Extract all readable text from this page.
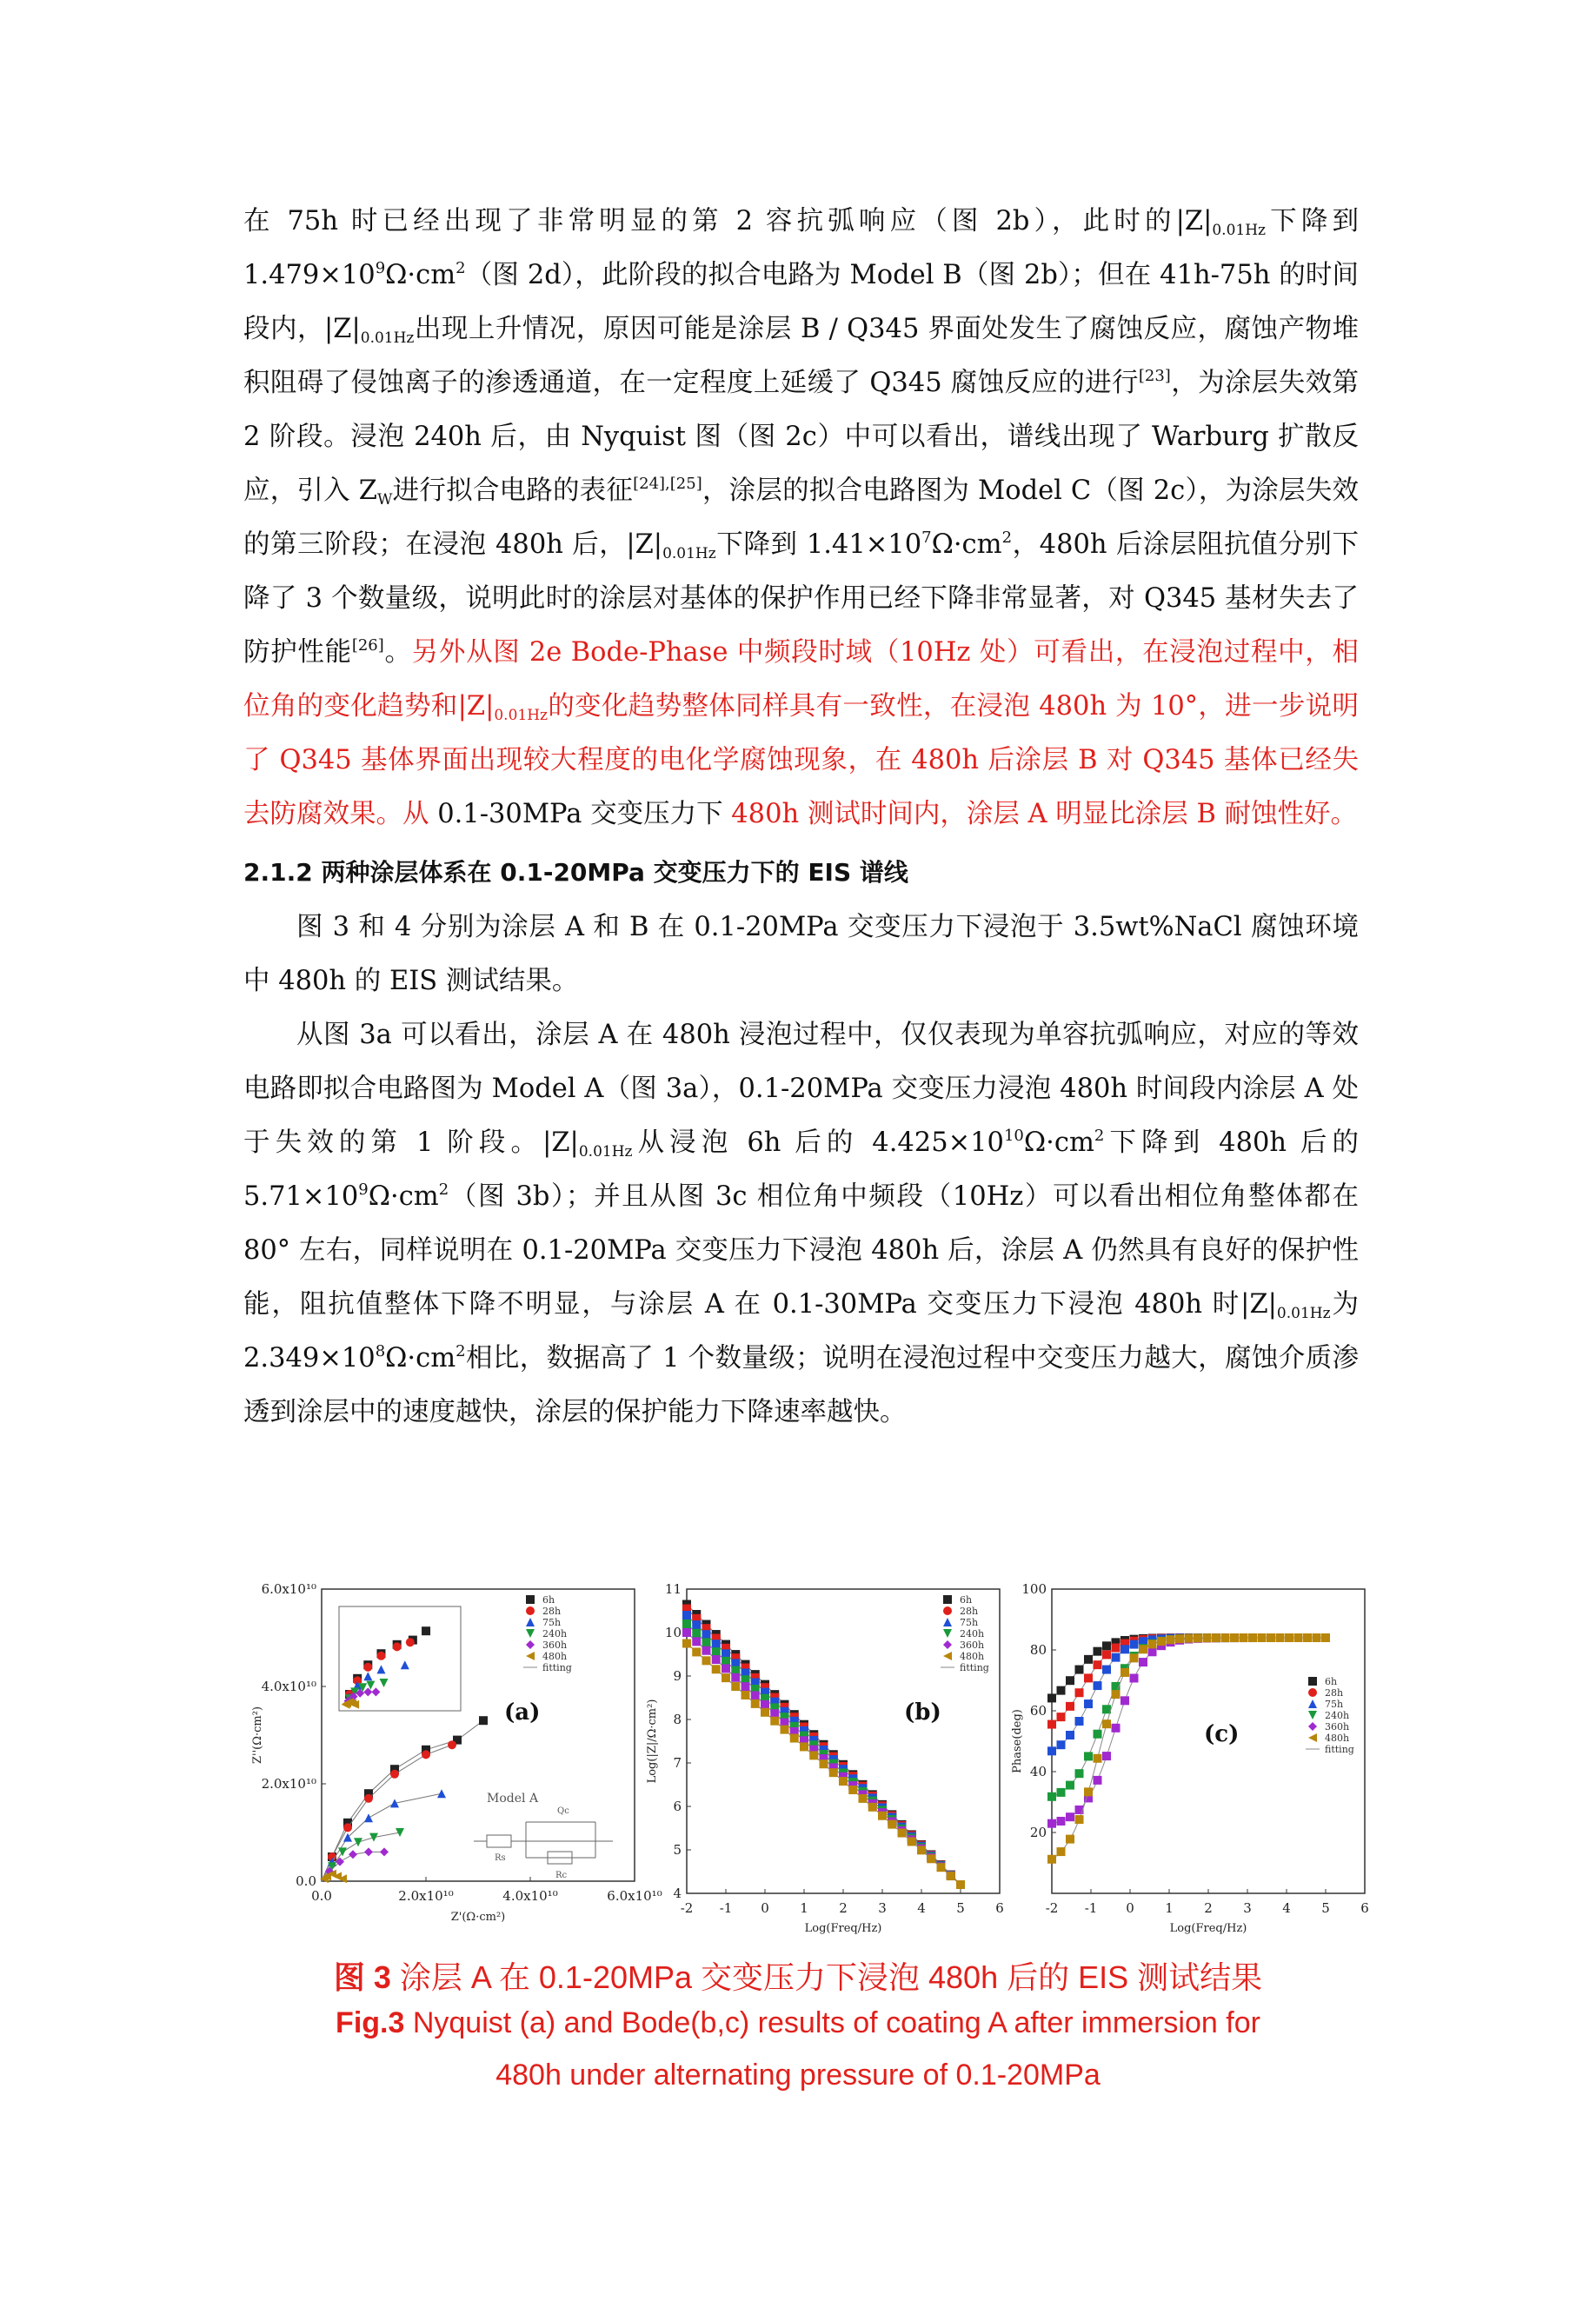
在 75h 时已经出现了非常明显的第 2 容抗弧响应（图 2b），此时的$|Z|_{0.01Hz}$下降到 $1.479\times 10^9\Omega\cdot cm^2$（图 2d），此阶段的拟合电路为 Model B（图 2b）；但在 41h-75h 的时间段内，$|Z|_{0.01Hz}$出现上升情况，原因可能是涂层 B / Q345 界面处发生了腐蚀反应，腐蚀产物堆积阻碍了侵蚀离子的渗透通道，在一定程度上延缓了 Q345 腐蚀反应的进行[23]，为涂层失效第 2 阶段。浸泡 240h 后，由 Nyquist 图（图 2c）中可以看出，谱线出现了 Warburg 扩散反应，引入 $Z_W$进行拟合电路的表征[24],[25]，涂层的拟合电路图为 Model C（图 2c），为涂层失效的第三阶段；在浸泡 480h 后，$|Z|_{0.01Hz}$下降到 $1.41\times 10^7\Omega\cdot cm^2$，480h 后涂层阻抗值分别下降了 3 个数量级，说明此时的涂层对基体的保护作用已经下降非常显著，对 Q345 基材失去了防护性能[26]。另外从图 2e Bode-Phase 中频段时域（10Hz 处）可看出，在浸泡过程中，相位角的变化趋势和$|Z|_{0.01Hz}$的变化趋势整体同样具有一致性，在浸泡 480h 为 10°，进一步说明了 Q345 基体界面出现较大程度的电化学腐蚀现象，在 480h 后涂层 B 对 Q345 基体已经失去防腐效果。从 0.1-30MPa 交变压力下 480h 测试时间内，涂层 A 明显比涂层 B 耐蚀性好。

2.1.2 两种涂层体系在 0.1-20MPa 交变压力下的 EIS 谱线

图 3 和 4 分别为涂层 A 和 B 在 0.1-20MPa 交变压力下浸泡于 3.5wt%NaCl 腐蚀环境中 480h 的 EIS 测试结果。

从图 3a 可以看出，涂层 A 在 480h 浸泡过程中，仅仅表现为单容抗弧响应，对应的等效电路即拟合电路图为 Model A（图 3a），0.1-20MPa 交变压力浸泡 480h 时间段内涂层 A 处于失效的第 1 阶段。$|Z|_{0.01Hz}$从浸泡 6h 后的 $4.425\times 10^{10}\Omega\cdot cm^2$下降到 480h 后的 $5.71\times 10^9\Omega\cdot cm^2$（图 3b）；并且从图 3c 相位角中频段（10Hz）可以看出相位角整体都在 80° 左右，同样说明在 0.1-20MPa 交变压力下浸泡 480h 后，涂层 A 仍然具有良好的保护性能，阻抗值整体下降不明显，与涂层 A 在 0.1-30MPa 交变压力下浸泡 480h 时$|Z|_{0.01Hz}$为 $2.349\times 10^8\Omega\cdot cm^2$相比，数据高了 1 个数量级；说明在浸泡过程中交变压力越大，腐蚀介质渗透到涂层中的速度越快，涂层的保护能力下降速率越快。

0.0	2.0x10¹⁰	4.0x10¹⁰	6.0x10¹⁰
0.0
2.0x10¹⁰
4.0x10¹⁰
6.0x10¹⁰
Z'(Ω·cm²)
Z''(Ω·cm²)	(a)
Model A
Qc
Rs
Rc
6h
28h
75h
240h
360h
480h
fitting
-2 -1 0 1 2 3 4 5 6
4
5
6
7
8
9
10
11
Log(Freq/Hz)
Log(|Z|/Ω·cm²)	(b)
6h
28h
75h
240h
360h
480h
fitting
-2 -1 0 1 2 3 4 5 6
20
40
60
80
100
Log(Freq/Hz)
Phase(deg)	(c)
6h
28h
75h
240h
360h
480h
fitting
图 3 涂层 A 在 0.1-20MPa 交变压力下浸泡 480h 后的 EIS 测试结果
Fig.3 Nyquist (a) and Bode(b,c) results of coating A after immersion for
480h under alternating pressure of 0.1-20MPa
